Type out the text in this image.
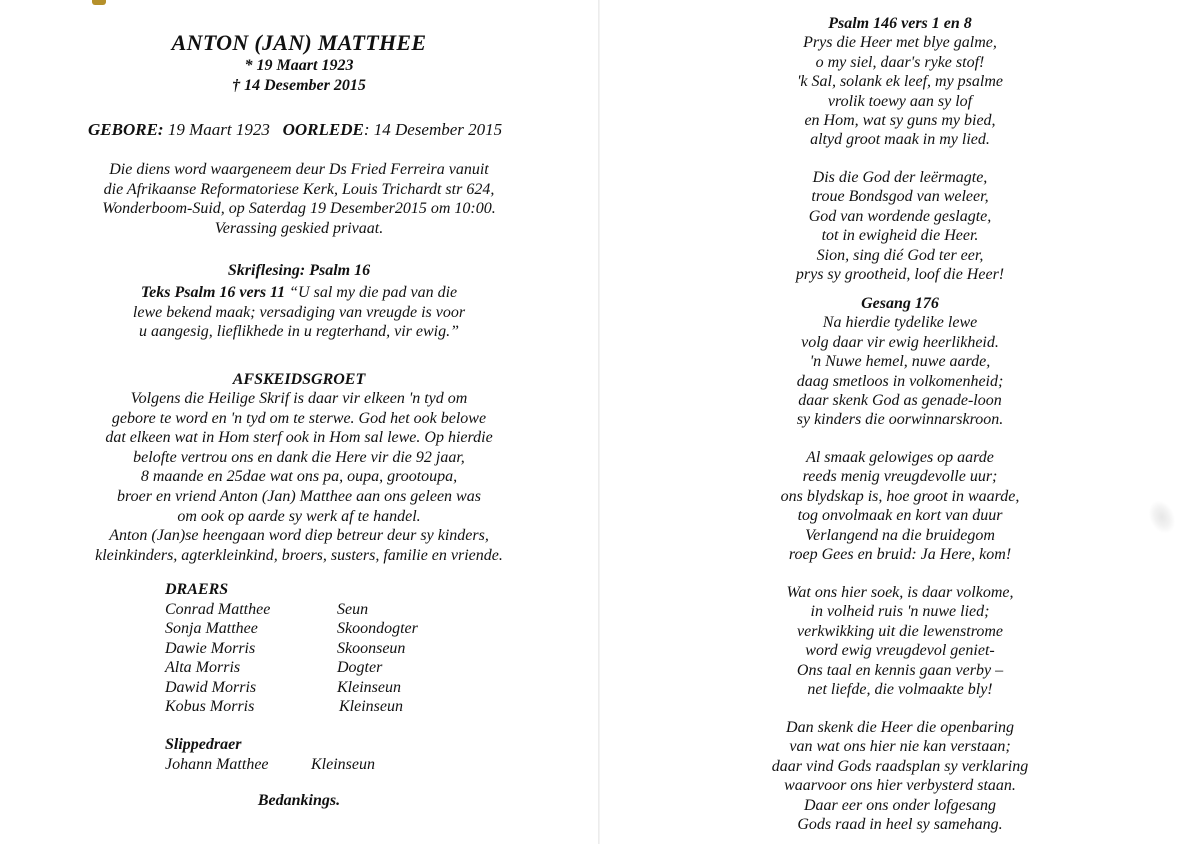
ANTON (JAN) MATTHEE
* 19 Maart 1923
† 14 Desember 2015
GEBORE: 19 Maart 1923 OORLEDE: 14 Desember 2015
Die diens word waargeneem deur Ds Fried Ferreira vanuit
die Afrikaanse Reformatoriese Kerk, Louis Trichardt str 624,
Wonderboom-Suid, op Saterdag 19 Desember2015 om 10:00.
Verassing geskied privaat.
Skriflesing: Psalm 16
Teks Psalm 16 vers 11 “U sal my die pad van die
lewe bekend maak; versadiging van vreugde is voor
u aangesig, lieflikhede in u regterhand, vir ewig.”
AFSKEIDSGROET
Volgens die Heilige Skrif is daar vir elkeen 'n tyd om
gebore te word en 'n tyd om te sterwe. God het ook belowe
dat elkeen wat in Hom sterf ook in Hom sal lewe. Op hierdie
belofte vertrou ons en dank die Here vir die 92 jaar,
8 maande en 25dae wat ons pa, oupa, grootoupa,
broer en vriend Anton (Jan) Matthee aan ons geleen was
om ook op aarde sy werk af te handel.
Anton (Jan)se heengaan word diep betreur deur sy kinders,
kleinkinders, agterkleinkind, broers, susters, familie en vriende.
DRAERS
Conrad Matthee	Seun
Sonja Matthee	Skoondogter
Dawie Morris	Skoonseun
Alta Morris	Dogter
Dawid Morris	Kleinseun
Kobus Morris	Kleinseun
Slippedraer
Johann Matthee	Kleinseun
Bedankings.
Psalm 146 vers 1 en 8
Prys die Heer met blye galme,
o my siel, daar's ryke stof!
'k Sal, solank ek leef, my psalme
vrolik toewy aan sy lof
en Hom, wat sy guns my bied,
altyd groot maak in my lied.
Dis die God der leërmagte,
troue Bondsgod van weleer,
God van wordende geslagte,
tot in ewigheid die Heer.
Sion, sing dié God ter eer,
prys sy grootheid, loof die Heer!
Gesang 176
Na hierdie tydelike lewe
volg daar vir ewig heerlikheid.
'n Nuwe hemel, nuwe aarde,
daag smetloos in volkomenheid;
daar skenk God as genade-loon
sy kinders die oorwinnarskroon.
Al smaak gelowiges op aarde
reeds menig vreugdevolle uur;
ons blydskap is, hoe groot in waarde,
tog onvolmaak en kort van duur
Verlangend na die bruidegom
roep Gees en bruid: Ja Here, kom!
Wat ons hier soek, is daar volkome,
in volheid ruis 'n nuwe lied;
verkwikking uit die lewenstrome
word ewig vreugdevol geniet-
Ons taal en kennis gaan verby –
net liefde, die volmaakte bly!
Dan skenk die Heer die openbaring
van wat ons hier nie kan verstaan;
daar vind Gods raadsplan sy verklaring
waarvoor ons hier verbysterd staan.
Daar eer ons onder lofgesang
Gods raad in heel sy samehang.
